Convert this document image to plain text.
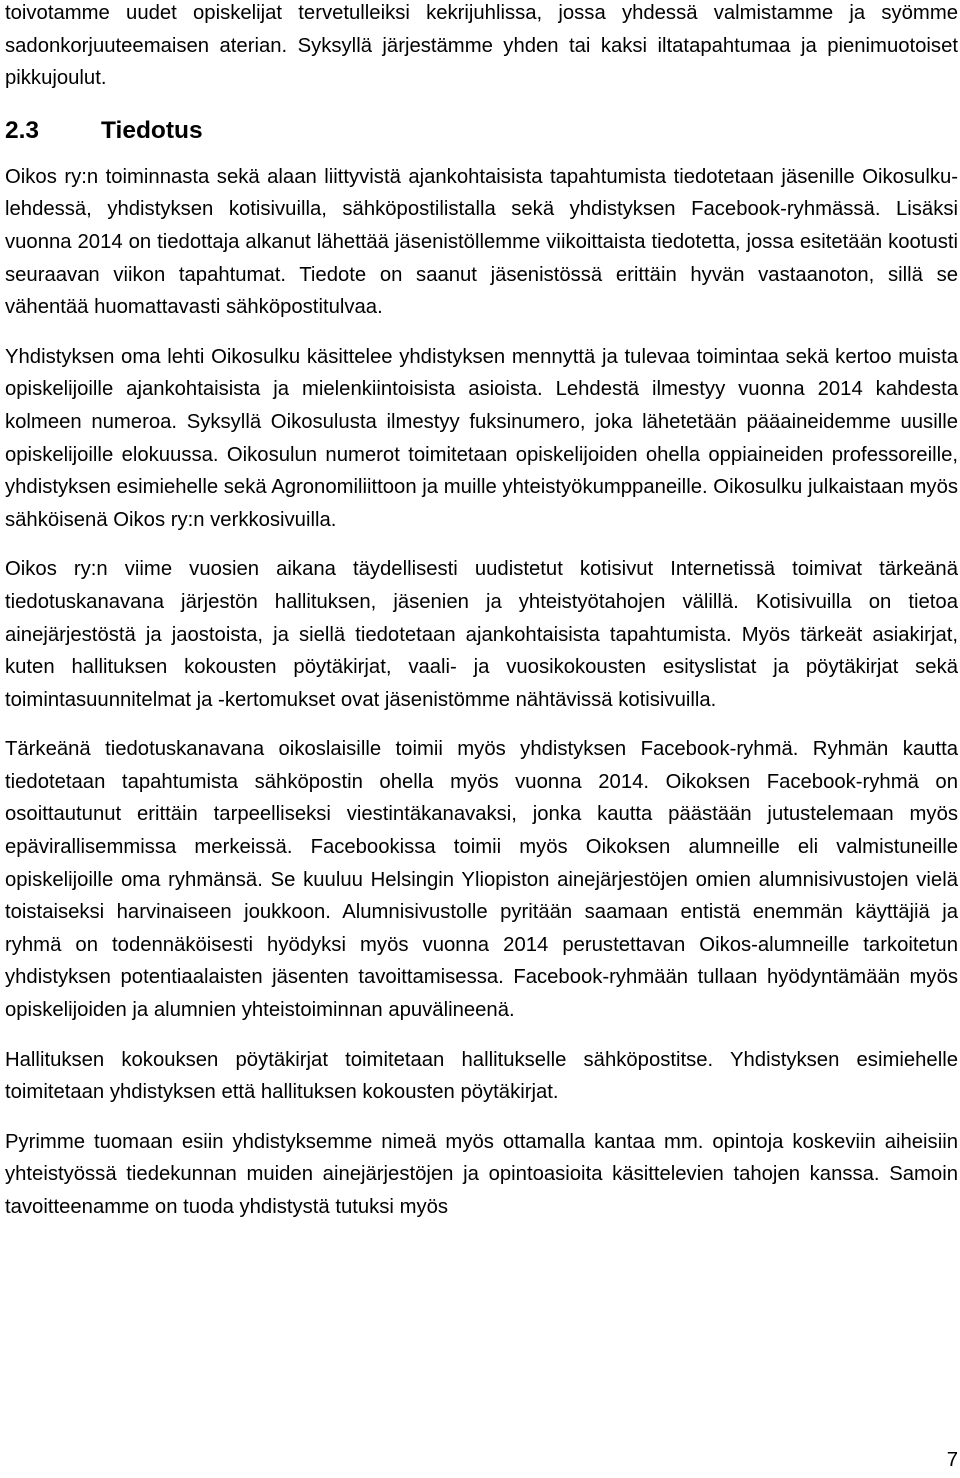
toivotamme uudet opiskelijat tervetulleiksi kekrijuhlissa, jossa yhdessä valmistamme ja syömme sadonkorjuuteemaisen aterian. Syksyllä järjestämme yhden tai kaksi iltatapahtumaa ja pienimuotoiset pikkujoulut.

2.3	Tiedotus

Oikos ry:n toiminnasta sekä alaan liittyvistä ajankohtaisista tapahtumista tiedotetaan jäsenille Oikosulku-lehdessä, yhdistyksen kotisivuilla, sähköpostilistalla sekä yhdistyksen Facebook-ryhmässä. Lisäksi vuonna 2014 on tiedottaja alkanut lähettää jäsenistöllemme viikoittaista tiedotetta, jossa esitetään kootusti seuraavan viikon tapahtumat. Tiedote on saanut jäsenistössä erittäin hyvän vastaanoton, sillä se vähentää huomattavasti sähköpostitulvaa.

Yhdistyksen oma lehti Oikosulku käsittelee yhdistyksen mennyttä ja tulevaa toimintaa sekä kertoo muista opiskelijoille ajankohtaisista ja mielenkiintoisista asioista. Lehdestä ilmestyy vuonna 2014 kahdesta kolmeen numeroa. Syksyllä Oikosulusta ilmestyy fuksinumero, joka lähetetään pääaineidemme uusille opiskelijoille elokuussa. Oikosulun numerot toimitetaan opiskelijoiden ohella oppiaineiden professoreille, yhdistyksen esimiehelle sekä Agronomiliittoon ja muille yhteistyökumppaneille. Oikosulku julkaistaan myös sähköisenä Oikos ry:n verkkosivuilla.

Oikos ry:n viime vuosien aikana täydellisesti uudistetut kotisivut Internetissä toimivat tärkeänä tiedotuskanavana järjestön hallituksen, jäsenien ja yhteistyötahojen välillä. Kotisivuilla on tietoa ainejärjestöstä ja jaostoista, ja siellä tiedotetaan ajankohtaisista tapahtumista. Myös tärkeät asiakirjat, kuten hallituksen kokousten pöytäkirjat, vaali- ja vuosikokousten esityslistat ja pöytäkirjat sekä toimintasuunnitelmat ja -kertomukset ovat jäsenistömme nähtävissä kotisivuilla.

Tärkeänä tiedotuskanavana oikoslaisille toimii myös yhdistyksen Facebook-ryhmä. Ryhmän kautta tiedotetaan tapahtumista sähköpostin ohella myös vuonna 2014. Oikoksen Facebook-ryhmä on osoittautunut erittäin tarpeelliseksi viestintäkanavaksi, jonka kautta päästään jutustelemaan myös epävirallisemmissa merkeissä. Facebookissa toimii myös Oikoksen alumneille eli valmistuneille opiskelijoille oma ryhmänsä. Se kuuluu Helsingin Yliopiston ainejärjestöjen omien alumnisivustojen vielä toistaiseksi harvinaiseen joukkoon. Alumnisivustolle pyritään saamaan entistä enemmän käyttäjiä ja ryhmä on todennäköisesti hyödyksi myös vuonna 2014 perustettavan Oikos-alumneille tarkoitetun yhdistyksen potentiaalaisten jäsenten tavoittamisessa. Facebook-ryhmään tullaan hyödyntämään myös opiskelijoiden ja alumnien yhteistoiminnan apuvälineenä.

Hallituksen kokouksen pöytäkirjat toimitetaan hallitukselle sähköpostitse. Yhdistyksen esimiehelle toimitetaan yhdistyksen että hallituksen kokousten pöytäkirjat.

Pyrimme tuomaan esiin yhdistyksemme nimeä myös ottamalla kantaa mm. opintoja koskeviin aiheisiin yhteistyössä tiedekunnan muiden ainejärjestöjen ja opintoasioita käsittelevien tahojen kanssa. Samoin tavoitteenamme on tuoda yhdistystä tutuksi myös

7
